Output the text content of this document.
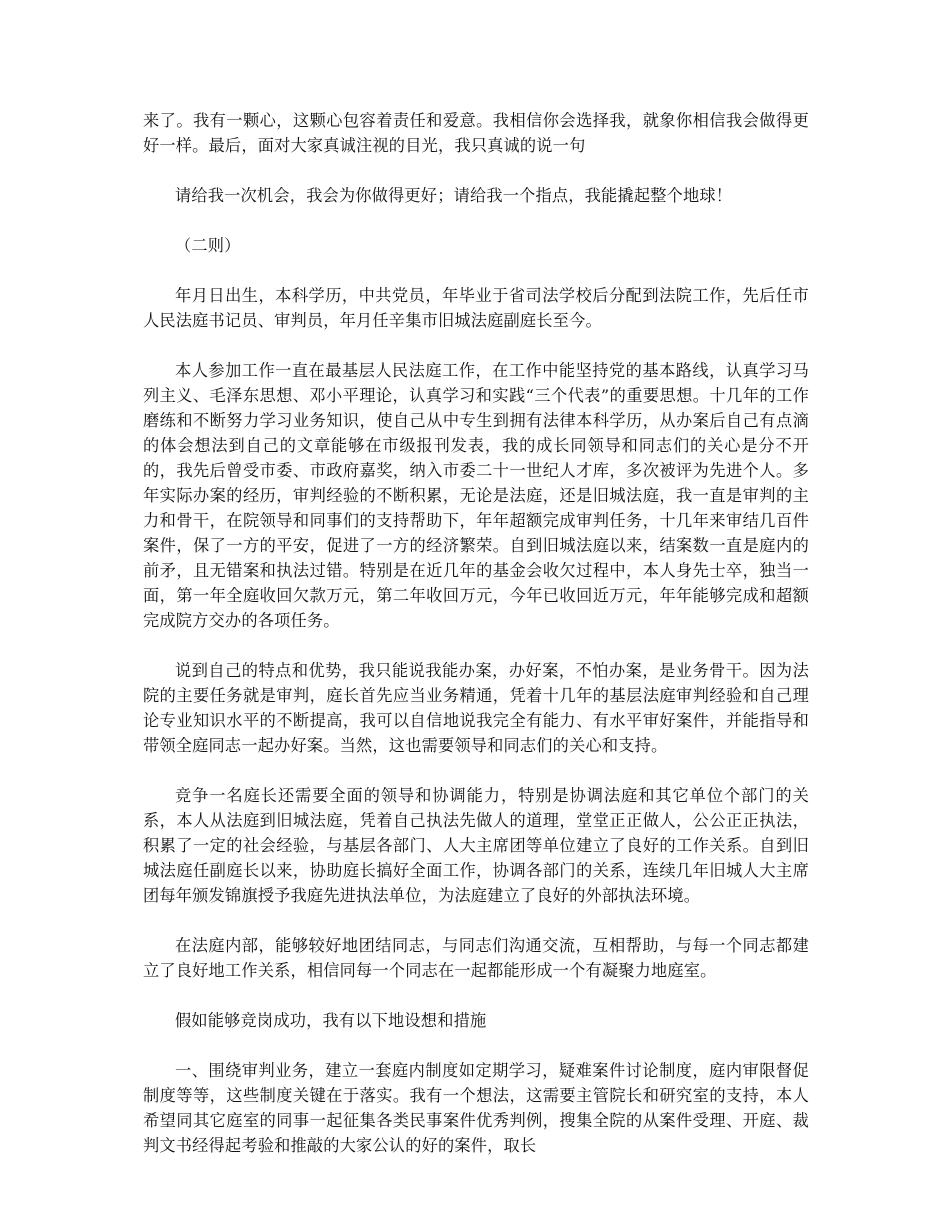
来了。我有一颗心，这颗心包容着责任和爱意。我相信你会选择我，就象你相信我会做得更好一样。最后，面对大家真诚注视的目光，我只真诚的说一句

请给我一次机会，我会为你做得更好；请给我一个指点，我能撬起整个地球！

（二则）

年月日出生，本科学历，中共党员，年毕业于省司法学校后分配到法院工作，先后任市人民法庭书记员、审判员，年月任辛集市旧城法庭副庭长至今。

本人参加工作一直在最基层人民法庭工作，在工作中能坚持党的基本路线，认真学习马列主义、毛泽东思想、邓小平理论，认真学习和实践“三个代表”的重要思想。十几年的工作磨练和不断努力学习业务知识，使自己从中专生到拥有法律本科学历，从办案后自己有点滴的体会想法到自己的文章能够在市级报刊发表，我的成长同领导和同志们的关心是分不开的，我先后曾受市委、市政府嘉奖，纳入市委二十一世纪人才库，多次被评为先进个人。多年实际办案的经历，审判经验的不断积累，无论是法庭，还是旧城法庭，我一直是审判的主力和骨干，在院领导和同事们的支持帮助下，年年超额完成审判任务，十几年来审结几百件案件，保了一方的平安，促进了一方的经济繁荣。自到旧城法庭以来，结案数一直是庭内的前矛，且无错案和执法过错。特别是在近几年的基金会收欠过程中，本人身先士卒，独当一面，第一年全庭收回欠款万元，第二年收回万元，今年已收回近万元，年年能够完成和超额完成院方交办的各项任务。

说到自己的特点和优势，我只能说我能办案，办好案，不怕办案，是业务骨干。因为法院的主要任务就是审判，庭长首先应当业务精通，凭着十几年的基层法庭审判经验和自己理论专业知识水平的不断提高，我可以自信地说我完全有能力、有水平审好案件，并能指导和带领全庭同志一起办好案。当然，这也需要领导和同志们的关心和支持。

竞争一名庭长还需要全面的领导和协调能力，特别是协调法庭和其它单位个部门的关系，本人从法庭到旧城法庭，凭着自己执法先做人的道理，堂堂正正做人，公公正正执法，积累了一定的社会经验，与基层各部门、人大主席团等单位建立了良好的工作关系。自到旧城法庭任副庭长以来，协助庭长搞好全面工作，协调各部门的关系，连续几年旧城人大主席团每年颁发锦旗授予我庭先进执法单位，为法庭建立了良好的外部执法环境。

在法庭内部，能够较好地团结同志，与同志们沟通交流，互相帮助，与每一个同志都建立了良好地工作关系，相信同每一个同志在一起都能形成一个有凝聚力地庭室。

假如能够竞岗成功，我有以下地设想和措施

一、围绕审判业务，建立一套庭内制度如定期学习，疑难案件讨论制度，庭内审限督促制度等等，这些制度关键在于落实。我有一个想法，这需要主管院长和研究室的支持，本人希望同其它庭室的同事一起征集各类民事案件优秀判例，搜集全院的从案件受理、开庭、裁判文书经得起考验和推敲的大家公认的好的案件，取长
